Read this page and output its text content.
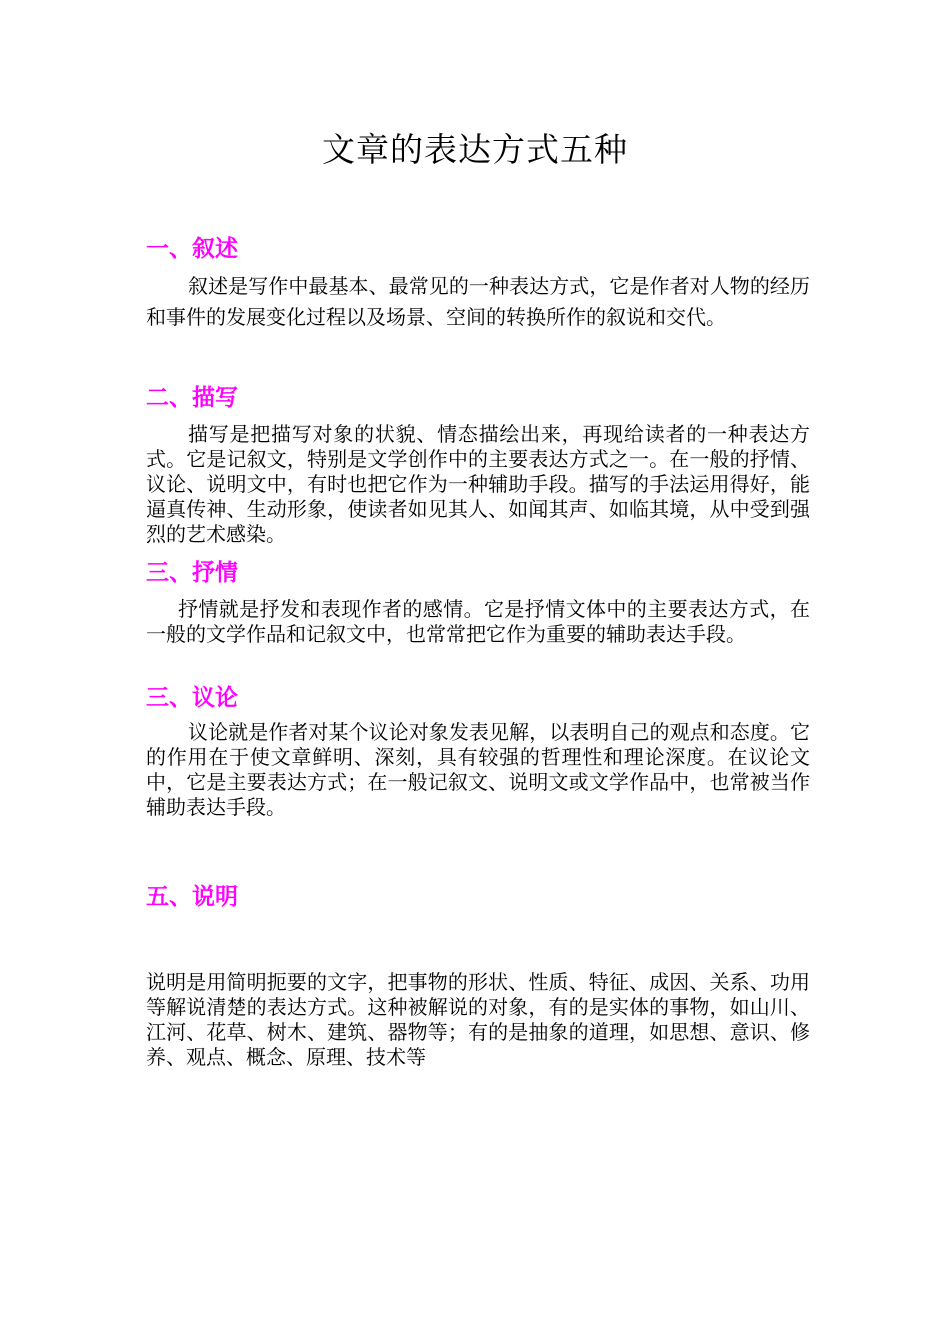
文章的表达方式五种
一、叙述
叙述是写作中最基本、最常见的一种表达方式，它是作者对人物的经历和事件的发展变化过程以及场景、空间的转换所作的叙说和交代。
二、描写
描写是把描写对象的状貌、情态描绘出来，再现给读者的一种表达方式。它是记叙文，特别是文学创作中的主要表达方式之一。在一般的抒情、议论、说明文中，有时也把它作为一种辅助手段。描写的手法运用得好，能逼真传神、生动形象，使读者如见其人、如闻其声、如临其境，从中受到强烈的艺术感染。
三、抒情
抒情就是抒发和表现作者的感情。它是抒情文体中的主要表达方式，在一般的文学作品和记叙文中，也常常把它作为重要的辅助表达手段。
三、议论
议论就是作者对某个议论对象发表见解，以表明自己的观点和态度。它的作用在于使文章鲜明、深刻，具有较强的哲理性和理论深度。在议论文中，它是主要表达方式；在一般记叙文、说明文或文学作品中，也常被当作辅助表达手段。
五、说明
说明是用简明扼要的文字，把事物的形状、性质、特征、成因、关系、功用等解说清楚的表达方式。这种被解说的对象，有的是实体的事物，如山川、江河、花草、树木、建筑、器物等；有的是抽象的道理，如思想、意识、修养、观点、概念、原理、技术等
